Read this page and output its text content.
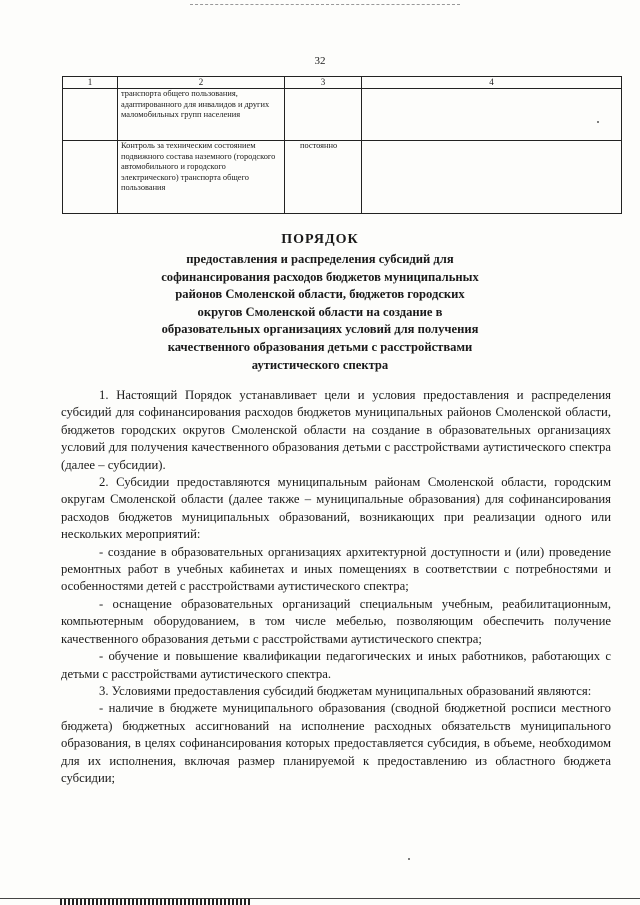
32
1	2	3	4

	транспорта общего пользования, адаптированного для инвалидов и других маломобильных групп населения		

	Контроль за техническим состоянием подвижного состава наземного (городского автомобильного и городского электрического) транспорта общего пользования	постоянно	

ПОРЯДОК
предоставления и распределения субсидий для
софинансирования расходов бюджетов муниципальных
районов Смоленской области, бюджетов городских
округов Смоленской области на создание в
образовательных организациях условий для получения
качественного образования детьми с расстройствами
аутистического спектра

1. Настоящий Порядок устанавливает цели и условия предоставления и распределения субсидий для софинансирования расходов бюджетов муниципальных районов Смоленской области, бюджетов городских округов Смоленской области на создание в образовательных организациях условий для получения качественного образования детьми с расстройствами аутистического спектра (далее – субсидии).

2. Субсидии предоставляются муниципальным районам Смоленской области, городским округам Смоленской области (далее также – муниципальные образования) для софинансирования расходов бюджетов муниципальных образований, возникающих при реализации одного или нескольких мероприятий:

- создание в образовательных организациях архитектурной доступности и (или) проведение ремонтных работ в учебных кабинетах и иных помещениях в соответствии с потребностями и особенностями детей с расстройствами аутистического спектра;

- оснащение образовательных организаций специальным учебным, реабилитационным, компьютерным оборудованием, в том числе мебелью, позволяющим обеспечить получение качественного образования детьми с расстройствами аутистического спектра;

- обучение и повышение квалификации педагогических и иных работников, работающих с детьми с расстройствами аутистического спектра.

3. Условиями предоставления субсидий бюджетам муниципальных образований являются:

- наличие в бюджете муниципального образования (сводной бюджетной росписи местного бюджета) бюджетных ассигнований на исполнение расходных обязательств муниципального образования, в целях софинансирования которых предоставляется субсидия, в объеме, необходимом для их исполнения, включая размер планируемой к предоставлению из областного бюджета субсидии;
